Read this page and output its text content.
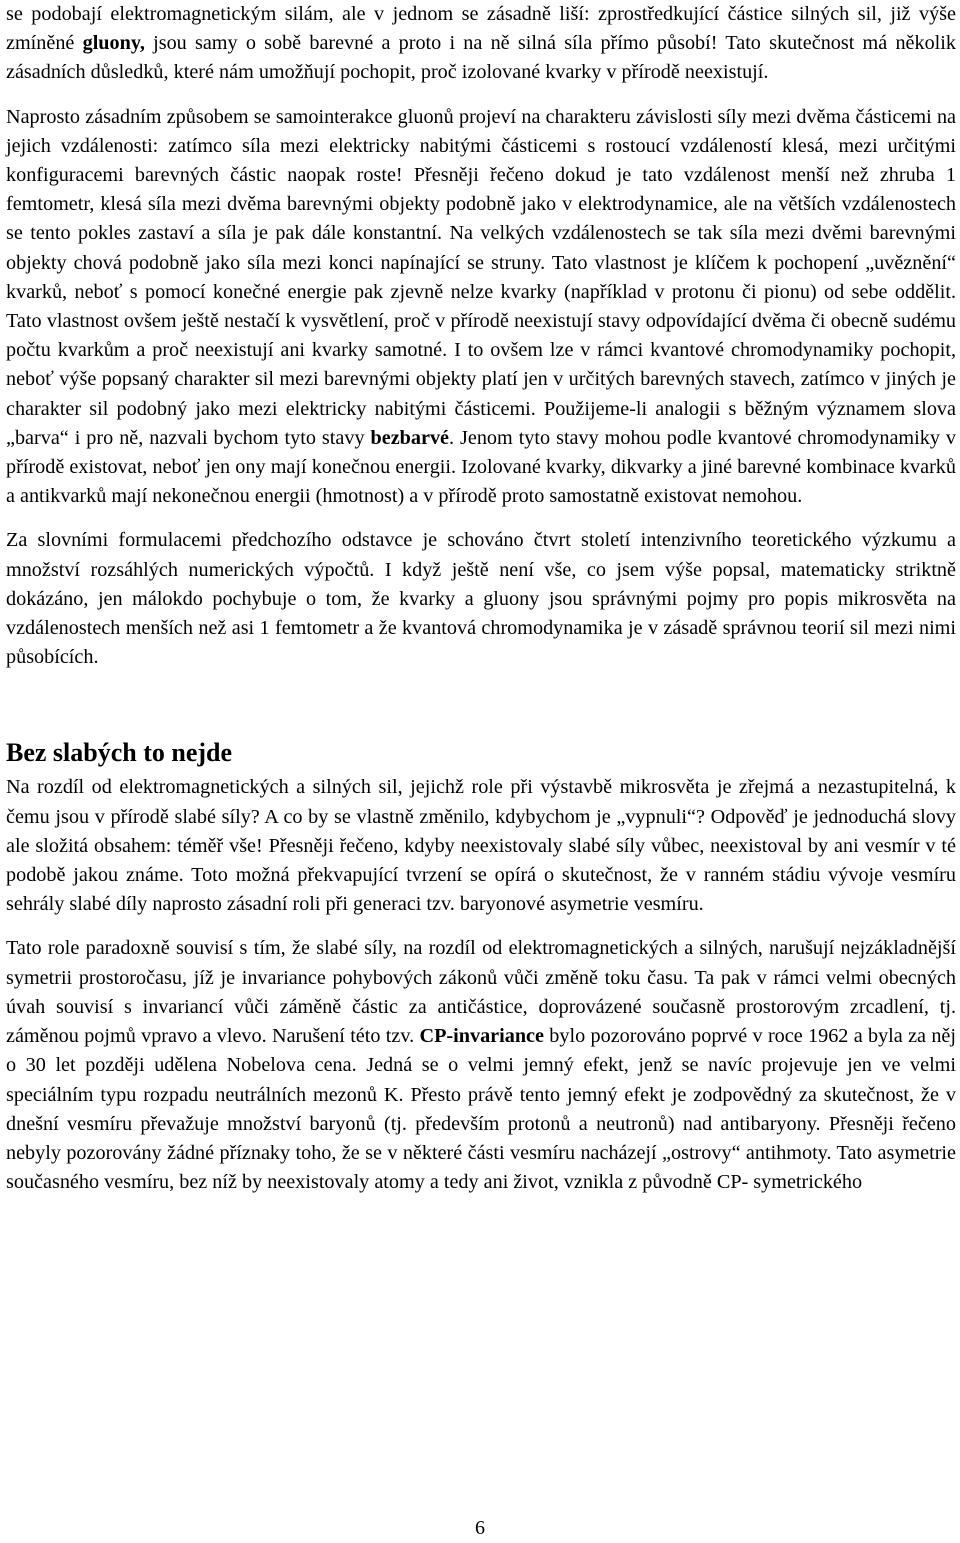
se podobají elektromagnetickým silám, ale v jednom se zásadně liší: zprostředkující částice silných sil, již výše zmíněné gluony, jsou samy o sobě barevné a proto i na ně silná síla přímo působí! Tato skutečnost má několik zásadních důsledků, které nám umožňují pochopit, proč izolované kvarky v přírodě neexistují.

Naprosto zásadním způsobem se samointerakce gluonů projeví na charakteru závislosti síly mezi dvěma částicemi na jejich vzdálenosti: zatímco síla mezi elektricky nabitými částicemi s rostoucí vzdáleností klesá, mezi určitými konfiguracemi barevných částic naopak roste! Přesněji řečeno dokud je tato vzdálenost menší než zhruba 1 femtometr, klesá síla mezi dvěma barevnými objekty podobně jako v elektrodynamice, ale na větších vzdálenostech se tento pokles zastaví a síla je pak dále konstantní. Na velkých vzdálenostech se tak síla mezi dvěmi barevnými objekty chová podobně jako síla mezi konci napínající se struny. Tato vlastnost je klíčem k pochopení „uvěznění“ kvarků, neboť s pomocí konečné energie pak zjevně nelze kvarky (například v protonu či pionu) od sebe oddělit. Tato vlastnost ovšem ještě nestačí k vysvětlení, proč v přírodě neexistují stavy odpovídající dvěma či obecně sudému počtu kvarkům a proč neexistují ani kvarky samotné. I to ovšem lze v rámci kvantové chromodynamiky pochopit, neboť výše popsaný charakter sil mezi barevnými objekty platí jen v určitých barevných stavech, zatímco v jiných je charakter sil podobný jako mezi elektricky nabitými částicemi. Použijeme-li analogii s běžným významem slova „barva“ i pro ně, nazvali bychom tyto stavy bezbarvé. Jenom tyto stavy mohou podle kvantové chromodynamiky v přírodě existovat, neboť jen ony mají konečnou energii. Izolované kvarky, dikvarky a jiné barevné kombinace kvarků a antikvarků mají nekonečnou energii (hmotnost) a v přírodě proto samostatně existovat nemohou.

Za slovními formulacemi předchozího odstavce je schováno čtvrt století intenzivního teoretického výzkumu a množství rozsáhlých numerických výpočtů. I když ještě není vše, co jsem výše popsal, matematicky striktně dokázáno, jen málokdo pochybuje o tom, že kvarky a gluony jsou správnými pojmy pro popis mikrosvěta na vzdálenostech menších než asi 1 femtometr a že kvantová chromodynamika je v zásadě správnou teorií sil mezi nimi působících.

Bez slabých to nejde

Na rozdíl od elektromagnetických a silných sil, jejichž role při výstavbě mikrosvěta je zřejmá a nezastupitelná, k čemu jsou v přírodě slabé síly? A co by se vlastně změnilo, kdybychom je „vypnuli“? Odpověď je jednoduchá slovy ale složitá obsahem: téměř vše! Přesněji řečeno, kdyby neexistovaly slabé síly vůbec, neexistoval by ani vesmír v té podobě jakou známe. Toto možná překvapující tvrzení se opírá o skutečnost, že v ranném stádiu vývoje vesmíru sehrály slabé díly naprosto zásadní roli při generaci tzv. baryonové asymetrie vesmíru.

Tato role paradoxně souvisí s tím, že slabé síly, na rozdíl od elektromagnetických a silných, narušují nejzákladnější symetrii prostoročasu, jíž je invariance pohybových zákonů vůči změně toku času. Ta pak v rámci velmi obecných úvah souvisí s invariancí vůči záměně částic za antičástice, doprovázené současně prostorovým zrcadlení, tj. záměnou pojmů vpravo a vlevo. Narušení této tzv. CP-invariance bylo pozorováno poprvé v roce 1962 a byla za něj o 30 let později udělena Nobelova cena. Jedná se o velmi jemný efekt, jenž se navíc projevuje jen ve velmi speciálním typu rozpadu neutrálních mezonů K. Přesto právě tento jemný efekt je zodpovědný za skutečnost, že v dnešní vesmíru převažuje množství baryonů (tj. především protonů a neutronů) nad antibaryony. Přesněji řečeno nebyly pozorovány žádné příznaky toho, že se v některé části vesmíru nacházejí „ostrovy“ antihmoty. Tato asymetrie současného vesmíru, bez níž by neexistovaly atomy a tedy ani život, vznikla z původně CP- symetrického

6
